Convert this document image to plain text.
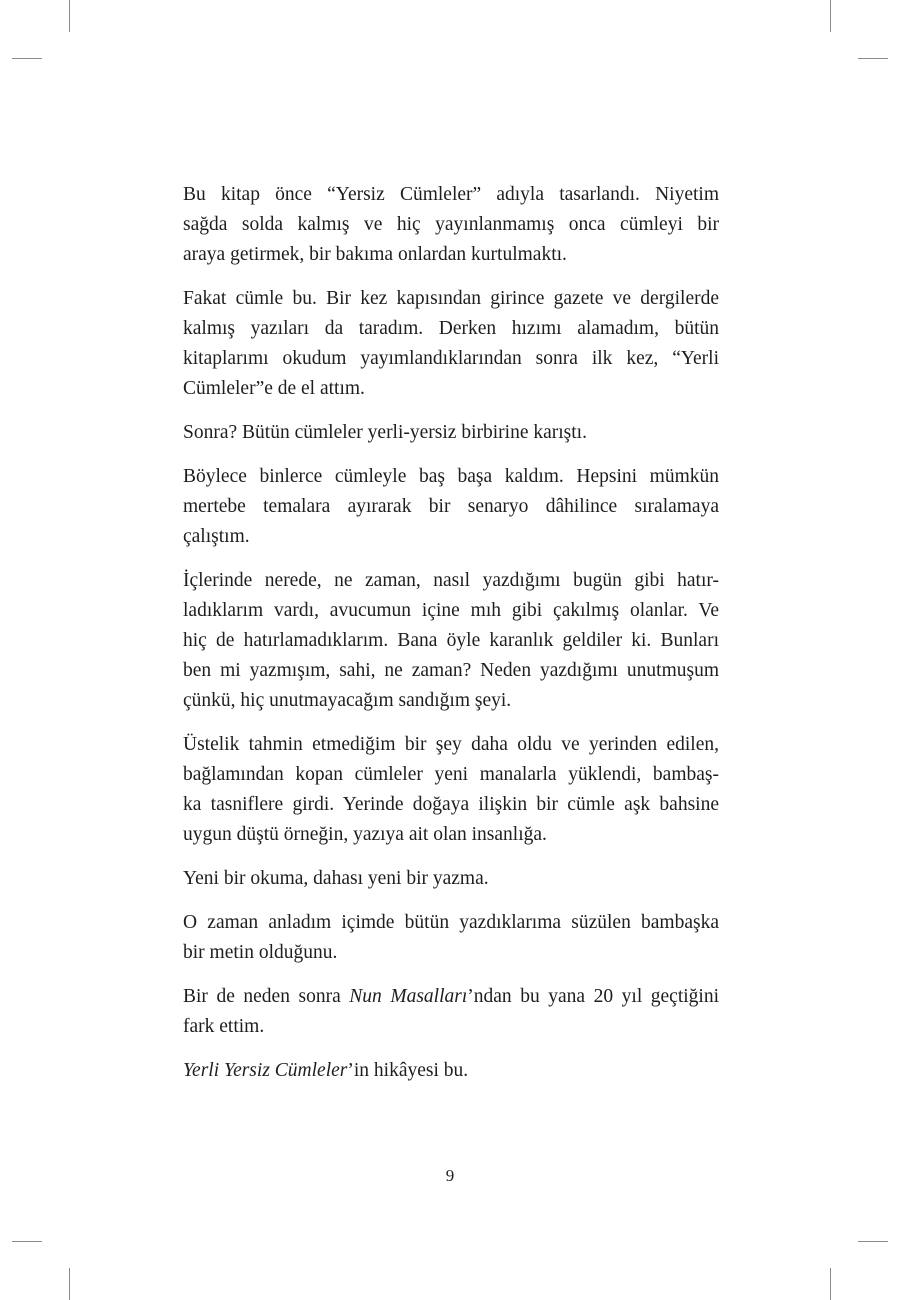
Bu kitap önce “Yersiz Cümleler” adıyla tasarlandı. Niyetim
sağda solda kalmış ve hiç yayınlanmamış onca cümleyi bir
araya getirmek, bir bakıma onlardan kurtulmaktı.

Fakat cümle bu. Bir kez kapısından girince gazete ve dergilerde
kalmış yazıları da taradım. Derken hızımı alamadım, bütün
kitaplarımı okudum yayımlandıklarından sonra ilk kez, “Yerli
Cümleler”e de el attım.

Sonra? Bütün cümleler yerli-yersiz birbirine karıştı.

Böylece binlerce cümleyle baş başa kaldım. Hepsini mümkün
mertebe temalara ayırarak bir senaryo dâhilince sıralamaya
çalıştım.

İçlerinde nerede, ne zaman, nasıl yazdığımı bugün gibi hatır-
ladıklarım vardı, avucumun içine mıh gibi çakılmış olanlar. Ve
hiç de hatırlamadıklarım. Bana öyle karanlık geldiler ki. Bunları
ben mi yazmışım, sahi, ne zaman? Neden yazdığımı unutmuşum
çünkü, hiç unutmayacağım sandığım şeyi.

Üstelik tahmin etmediğim bir şey daha oldu ve yerinden edilen,
bağlamından kopan cümleler yeni manalarla yüklendi, bambaş-
ka tasniflere girdi. Yerinde doğaya ilişkin bir cümle aşk bahsine
uygun düştü örneğin, yazıya ait olan insanlığa.

Yeni bir okuma, dahası yeni bir yazma.

O zaman anladım içimde bütün yazdıklarıma süzülen bambaşka
bir metin olduğunu.

Bir de neden sonra Nun Masalları’ndan bu yana 20 yıl geçtiğini
fark ettim.

Yerli Yersiz Cümleler’in hikâyesi bu.

9
